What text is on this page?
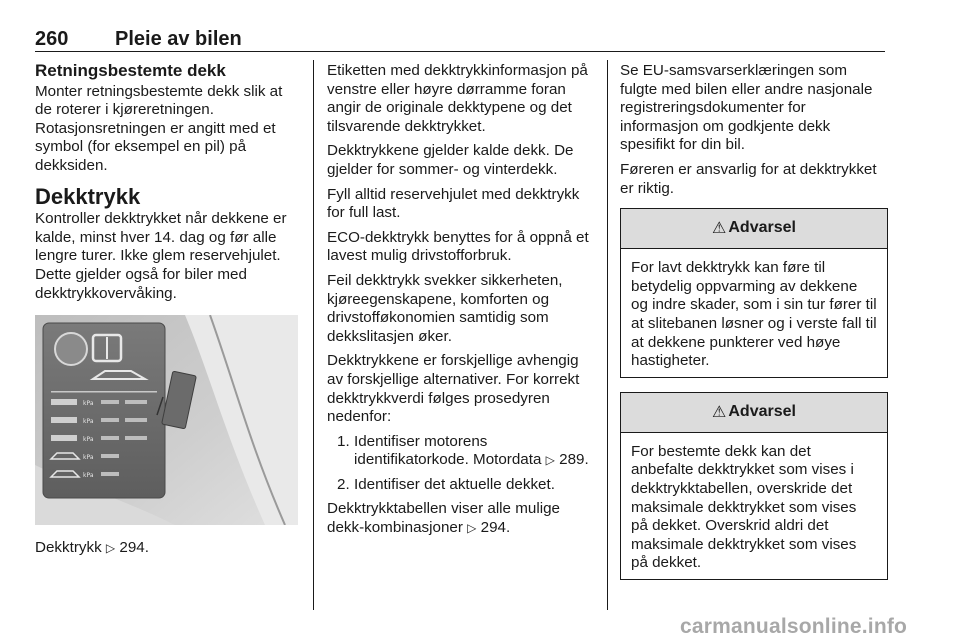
260 Pleie av bilen
Retningsbestemte dekk

Monter retningsbestemte dekk slik at de roterer i kjøreretningen. Rotasjonsretningen er angitt med et symbol (for eksempel en pil) på dekksiden.

Dekktrykk

Kontroller dekktrykket når dekkene er kalde, minst hver 14. dag og før alle lengre turer. Ikke glem reservehjulet. Dette gjelder også for biler med dekktrykkovervåking.

kPa
kPa
kPa
kPa
kPa

Dekktrykk ▷ 294.

Etiketten med dekktrykkinformasjon på venstre eller høyre dørramme foran angir de originale dekktypene og det tilsvarende dekktrykket.

Dekktrykkene gjelder kalde dekk. De gjelder for sommer- og vinterdekk.

Fyll alltid reservehjulet med dekktrykk for full last.

ECO-dekktrykk benyttes for å oppnå et lavest mulig drivstofforbruk.

Feil dekktrykk svekker sikkerheten, kjøreegenskapene, komforten og drivstofføkonomien samtidig som dekkslitasjen øker.

Dekktrykkene er forskjellige avhengig av forskjellige alternativer. For korrekt dekktrykkverdi følges prosedyren nedenfor:

1. Identifiser motorens identifikatorkode. Motordata ▷ 289.
2. Identifiser det aktuelle dekket.

Dekktrykktabellen viser alle mulige dekk-kombinasjoner ▷ 294.

Se EU-samsvarserklæringen som fulgte med bilen eller andre nasjonale registreringsdokumenter for informasjon om godkjente dekk spesifikt for din bil.

Føreren er ansvarlig for at dekktrykket er riktig.

⚠ Advarsel
For lavt dekktrykk kan føre til betydelig oppvarming av dekkene og indre skader, som i sin tur fører til at slitebanen løsner og i verste fall til at dekkene punkterer ved høye hastigheter.
⚠ Advarsel
For bestemte dekk kan det anbefalte dekktrykket som vises i dekktrykktabellen, overskride det maksimale dekktrykket som vises på dekket. Overskrid aldri det maksimale dekktrykket som vises på dekket.
carmanualsonline.info
